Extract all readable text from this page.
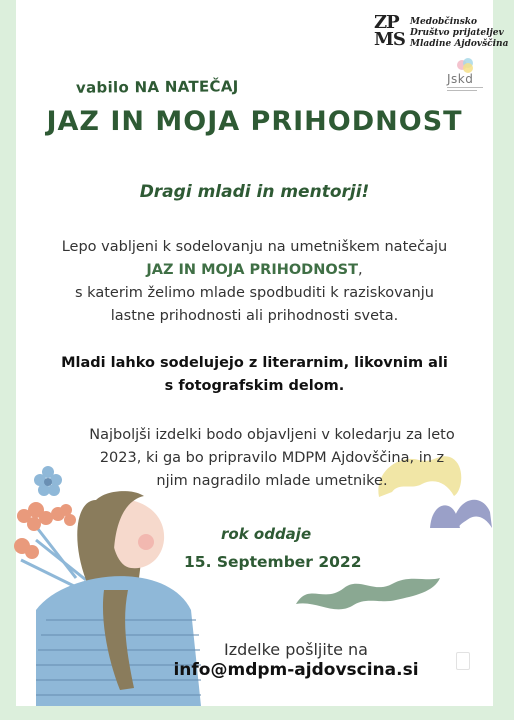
ZP
MS
Medobčinsko
Društvo prijateljev
Mladine Ajdovščina
Jskd
vabilo NA NATEČAJ
JAZ IN MOJA PRIHODNOST
Dragi mladi in mentorji!
Lepo vabljeni k sodelovanju na umetniškem natečaju
JAZ IN MOJA PRIHODNOST,
s katerim želimo mlade spodbuditi k raziskovanju
lastne prihodnosti ali prihodnosti sveta.
Mladi lahko sodelujejo z literarnim, likovnim ali
s fotografskim delom.
Najboljši izdelki bodo objavljeni v koledarju za leto
2023, ki ga bo pripravilo MDPM Ajdovščina, in z
njim nagradilo mlade umetnike.
rok oddaje
15. September 2022
Izdelke pošljite na
info@mdpm-ajdovscina.si
